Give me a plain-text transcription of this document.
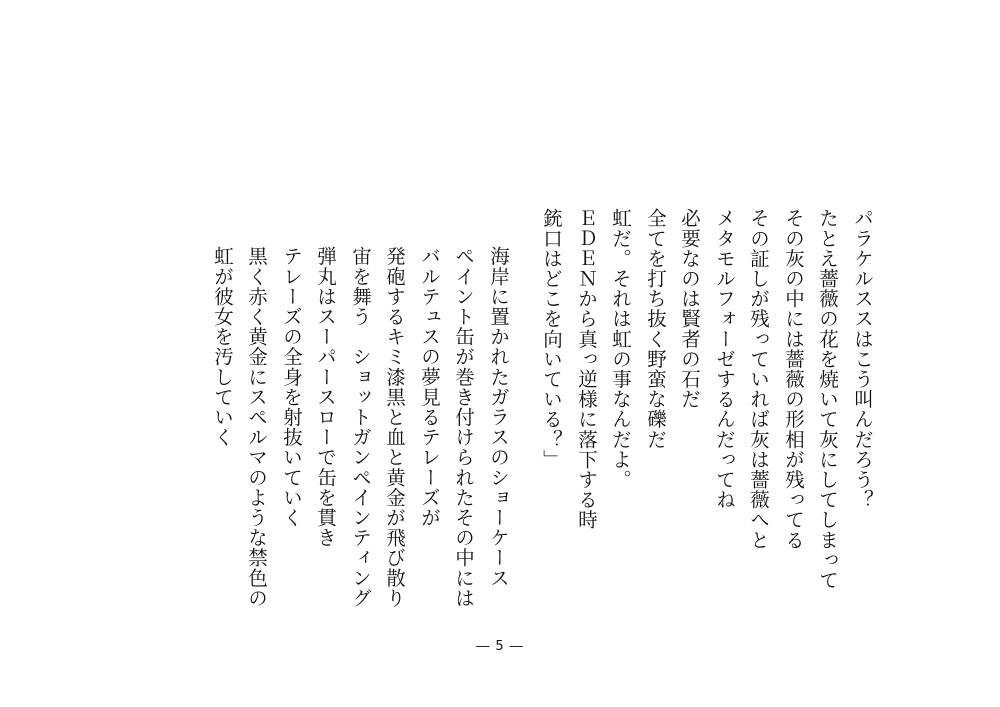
パラケルススはこう叫んだろう？
たとえ薔薇の花を焼いて灰にしてしまって
その灰の中には薔薇の形相が残ってる
その証しが残っていれば灰は薔薇へと
メタモルフォーゼするんだってね
必要なのは賢者の石だ
全てを打ち抜く野蛮な礫だ
虹だ。それは虹の事なんだよ。
ＥＤＥＮから真っ逆様に落下する時
銃口はどこを向いている？」
海岸に置かれたガラスのショーケース
ペイント缶が巻き付けられたその中には
バルテュスの夢見るテレーズが
発砲するキミ漆黒と血と黄金が飛び散り
宙を舞う　ショットガンペインティング
弾丸はスーパースローで缶を貫き
テレーズの全身を射抜いていく
黒く赤く黄金にスペルマのような禁色の
虹が彼女を汚していく
― 5 ―
